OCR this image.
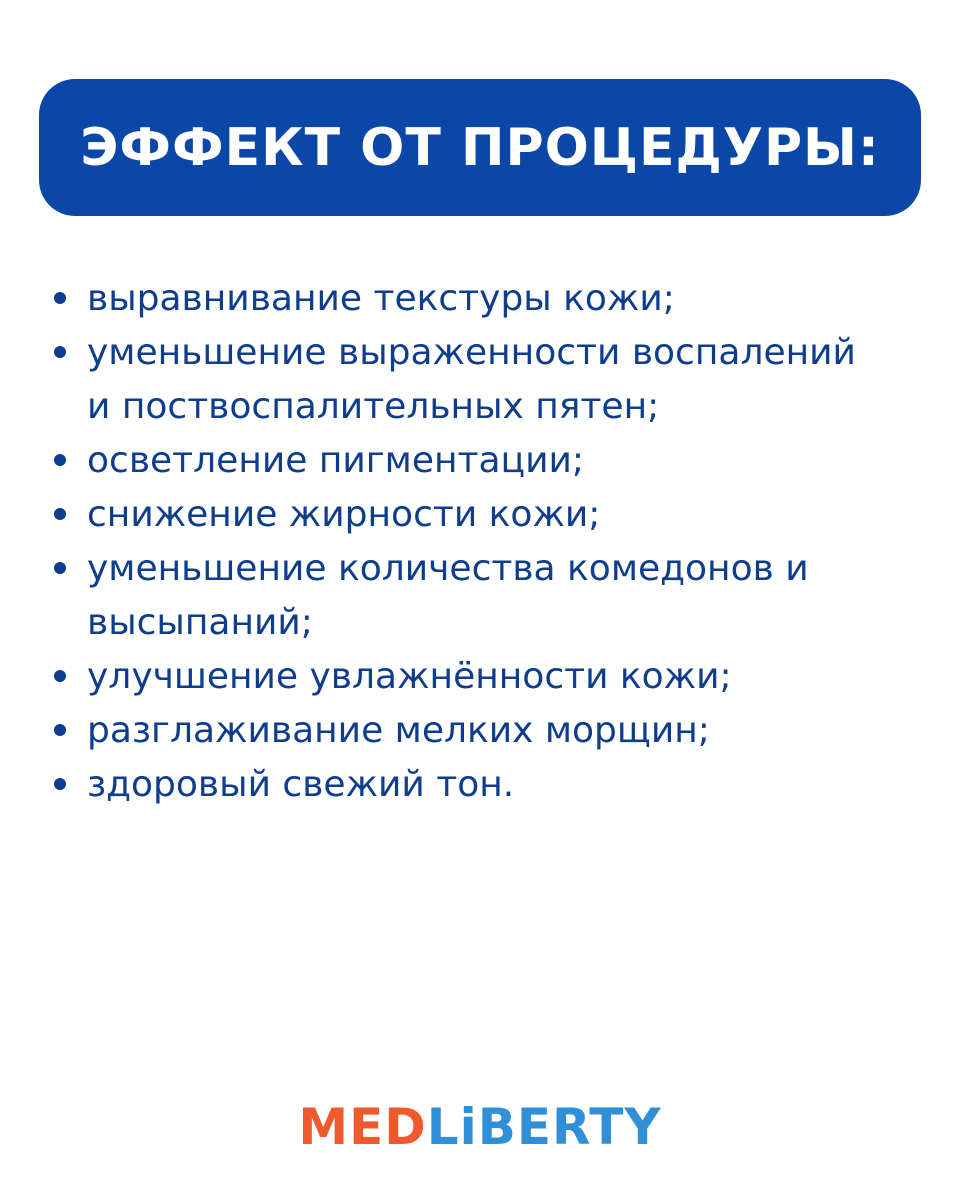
ЭФФЕКТ ОТ ПРОЦЕДУРЫ:
выравнивание текстуры кожи;
уменьшение выраженности воспалений
и поствоспалительных пятен;
осветление пигментации;
снижение жирности кожи;
уменьшение количества комедонов и
высыпаний;
улучшение увлажнённости кожи;
разглаживание мелких морщин;
здоровый свежий тон.
MEDLiBERTY
